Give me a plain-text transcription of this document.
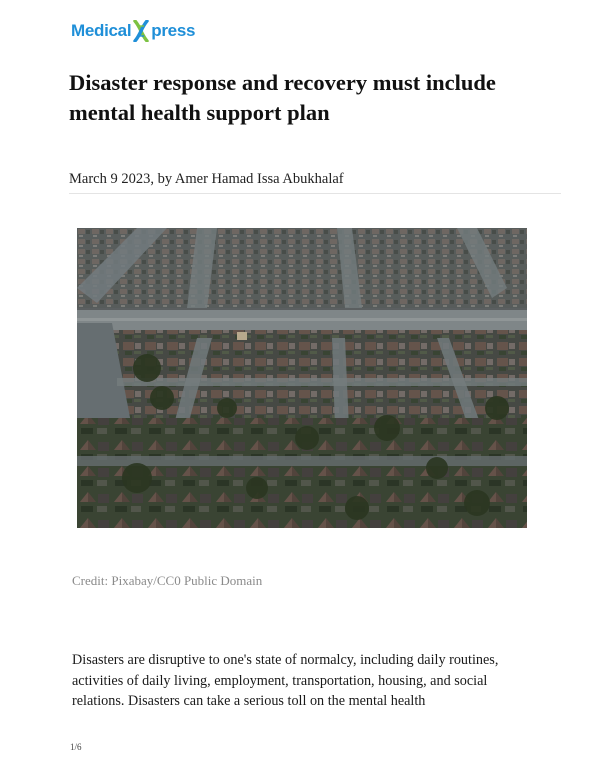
Medical press
Disaster response and recovery must include mental health support plan

March 9 2023, by Amer Hamad Issa Abukhalaf

Credit: Pixabay/CC0 Public Domain

Disasters are disruptive to one's state of normalcy, including daily routines, activities of daily living, employment, transportation, housing, and social relations. Disasters can take a serious toll on the mental health

1/6
